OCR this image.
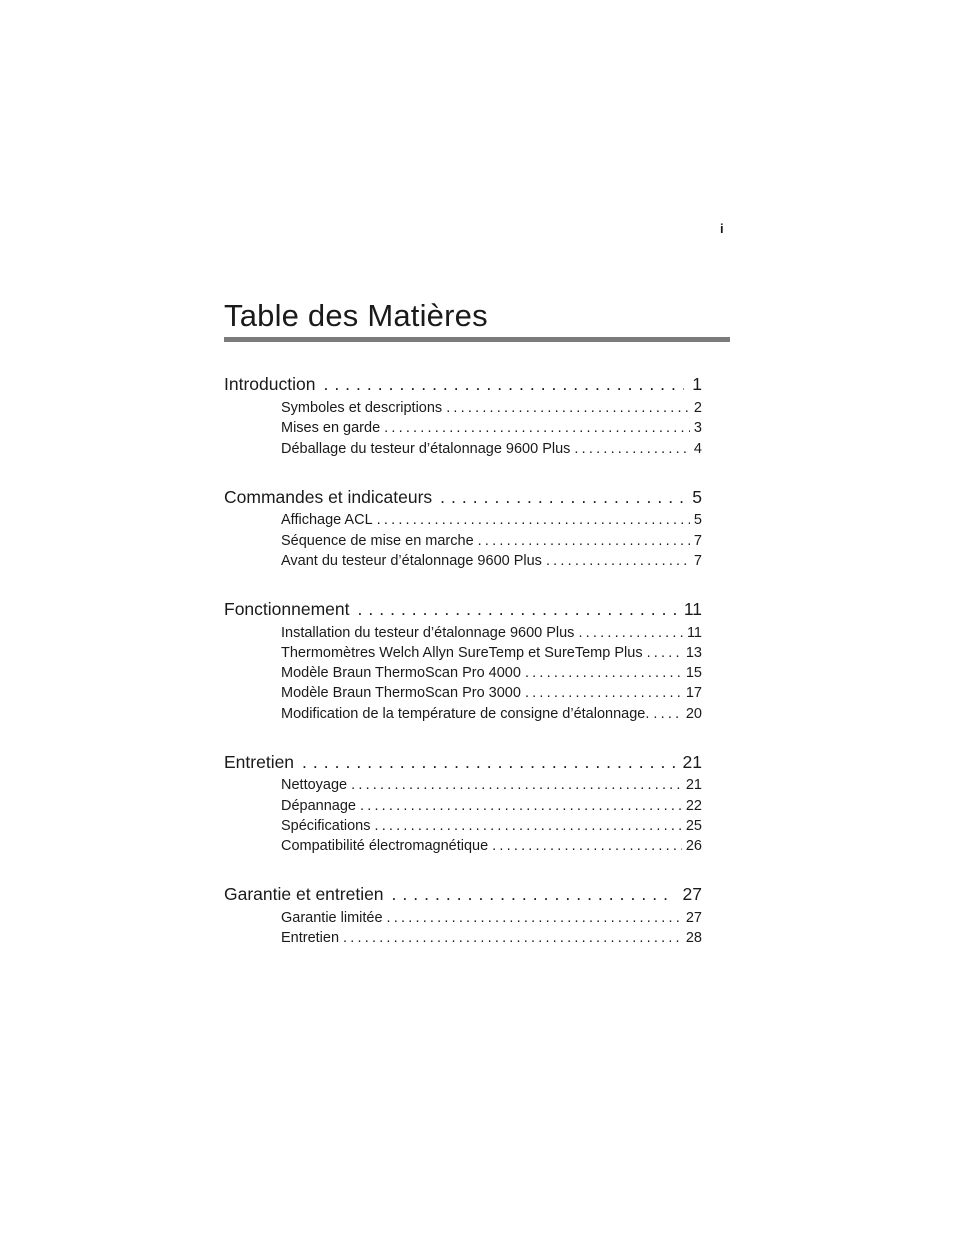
i
Table des Matières
Introduction .....	1
Symboles et descriptions .....	2
Mises en garde .....	3
Déballage du testeur d’étalonnage 9600 Plus .....	4
Commandes et indicateurs .....	5
Affichage ACL .....	5
Séquence de mise en marche .....	7
Avant du testeur d’étalonnage 9600 Plus .....	7
Fonctionnement .....	11
Installation du testeur d’étalonnage 9600 Plus .....	11
Thermomètres Welch Allyn SureTemp et SureTemp Plus .....	13
Modèle Braun ThermoScan Pro 4000 .....	15
Modèle Braun ThermoScan Pro 3000 .....	17
Modification de la température de consigne d’étalonnage. .....	20
Entretien .....	21
Nettoyage .....	21
Dépannage .....	22
Spécifications .....	25
Compatibilité électromagnétique .....	26
Garantie et entretien .....	27
Garantie limitée .....	27
Entretien .....	28
